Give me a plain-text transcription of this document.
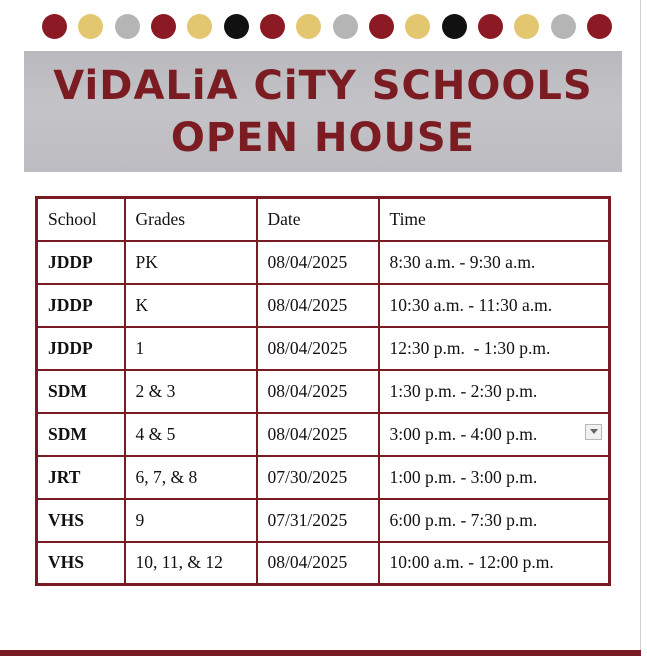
ViDALiA CiTY SCHOOLS
OPEN HOUSE
School	Grades	Date	Time
JDDP	PK	08/04/2025	8:30 a.m. - 9:30 a.m.
JDDP	K	08/04/2025	10:30 a.m. - 11:30 a.m.
JDDP	1	08/04/2025	12:30 p.m.  - 1:30 p.m.
SDM	2 & 3	08/04/2025	1:30 p.m. - 2:30 p.m.
SDM	4 & 5	08/04/2025	3:00 p.m. - 4:00 p.m.

JRT	6, 7, & 8	07/30/2025	1:00 p.m. - 3:00 p.m.
VHS	9	07/31/2025	6:00 p.m. - 7:30 p.m.
VHS	10, 11, & 12	08/04/2025	10:00 a.m. - 12:00 p.m.
